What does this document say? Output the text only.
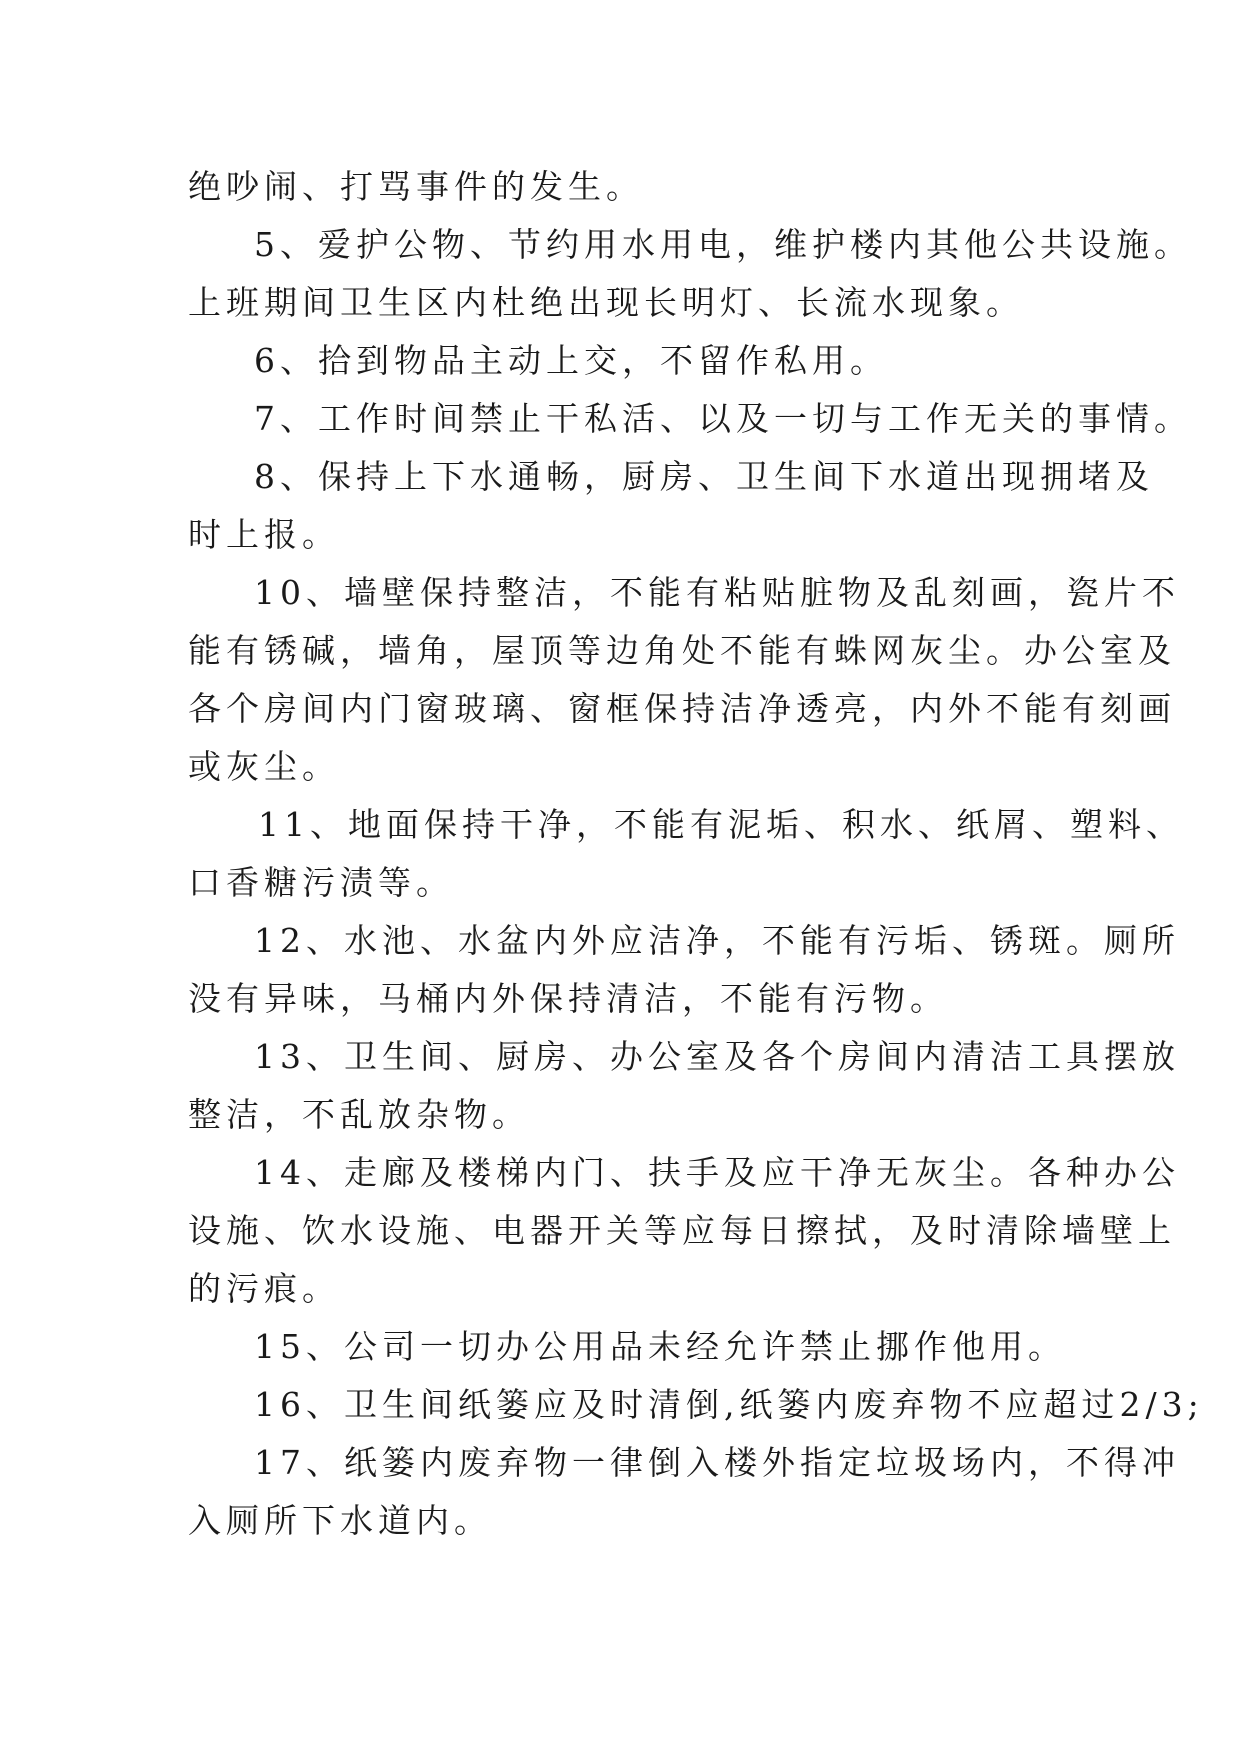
绝吵闹、打骂事件的发生。
5、爱护公物、节约用水用电，维护楼内其他公共设施。
上班期间卫生区内杜绝出现长明灯、长流水现象。
6、拾到物品主动上交，不留作私用。
7、工作时间禁止干私活、以及一切与工作无关的事情。
8、保持上下水通畅，厨房、卫生间下水道出现拥堵及
时上报。
10、墙壁保持整洁，不能有粘贴脏物及乱刻画，瓷片不
能有锈碱，墙角，屋顶等边角处不能有蛛网灰尘。办公室及
各个房间内门窗玻璃、窗框保持洁净透亮，内外不能有刻画
或灰尘。
11、地面保持干净，不能有泥垢、积水、纸屑、塑料、
口香糖污渍等。
12、水池、水盆内外应洁净，不能有污垢、锈斑。厕所
没有异味，马桶内外保持清洁，不能有污物。
13、卫生间、厨房、办公室及各个房间内清洁工具摆放
整洁，不乱放杂物。
14、走廊及楼梯内门、扶手及应干净无灰尘。各种办公
设施、饮水设施、电器开关等应每日擦拭，及时清除墙壁上
的污痕。
15、公司一切办公用品未经允许禁止挪作他用。
16、卫生间纸篓应及时清倒,纸篓内废弃物不应超过2/3;
17、纸篓内废弃物一律倒入楼外指定垃圾场内，不得冲
入厕所下水道内。
